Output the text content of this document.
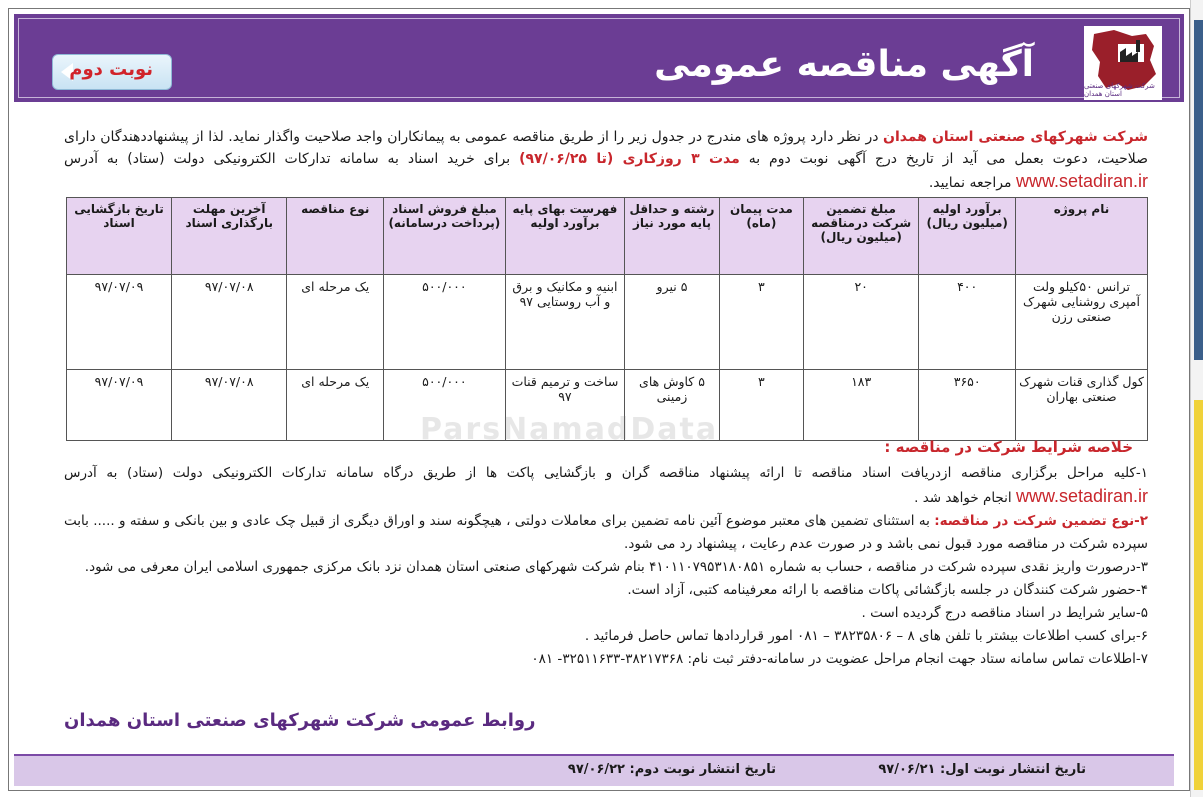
شرکت شهرکهای صنعتی استان همدان
آگهی مناقصه عمومی
نوبت دوم
شرکت شهرکهای صنعتی استان همدان در نظر دارد پروژه های مندرج در جدول زیر را از طریق مناقصه عمومی به پیمانکاران واجد صلاحیت واگذار نماید. لذا از پیشنهاددهندگان دارای صلاحیت، دعوت بعمل می آید از تاریخ درج آگهی نوبت دوم به مدت ۳ روزکاری (تا ۹۷/۰۶/۲۵) برای خرید اسناد به سامانه تدارکات الکترونیکی دولت (ستاد) به آدرس www.setadiran.ir مراجعه نمایید.
نام پروژه	برآورد اولیه (میلیون ریال)	مبلغ تضمین شرکت درمناقصه (میلیون ریال)	مدت پیمان (ماه)	رشته و حداقل پایه مورد نیاز	فهرست بهای پایه برآورد اولیه	مبلغ فروش اسناد (پرداخت درسامانه)	نوع مناقصه	آخرین مهلت بارگذاری اسناد	تاریخ بازگشایی اسناد
ترانس ۵۰کیلو ولت آمپری روشنایی شهرک صنعتی رزن	۴۰۰	۲۰	۳	۵ نیرو	ابنیه و مکانیک و برق و آب روستایی ۹۷	۵۰۰/۰۰۰	یک مرحله ای	۹۷/۰۷/۰۸	۹۷/۰۷/۰۹
کول گذاری قنات شهرک صنعتی بهاران	۳۶۵۰	۱۸۳	۳	۵ کاوش های زمینی	ساخت و ترمیم قنات ۹۷	۵۰۰/۰۰۰	یک مرحله ای	۹۷/۰۷/۰۸	۹۷/۰۷/۰۹
ParsNamadData	خلاصه شرایط شرکت در مناقصه :

۱-کلیه مراحل برگزاری مناقصه ازدریافت اسناد مناقصه تا ارائه پیشنهاد مناقصه گران و بازگشایی پاکت ها از طریق درگاه سامانه تدارکات الکترونیکی دولت (ستاد) به آدرس www.setadiran.ir انجام خواهد شد .

۲-نوع تضمین شرکت در مناقصه: به استثنای تضمین های معتبر موضوع آئین نامه تضمین برای معاملات دولتی ، هیچگونه سند و اوراق دیگری از قبیل چک عادی و بین بانکی و سفته و ..... بابت سپرده شرکت در مناقصه مورد قبول نمی باشد و در صورت عدم رعایت ، پیشنهاد رد می شود.

۳-درصورت واریز نقدی سپرده شرکت در مناقصه ، حساب به شماره ۴۱۰۱۱۰۷۹۵۳۱۸۰۸۵۱ بنام شرکت شهرکهای صنعتی استان همدان نزد بانک مرکزی جمهوری اسلامی ایران معرفی می شود.

۴-حضور شرکت کنندگان در جلسه بازگشائی پاکات مناقصه با ارائه معرفینامه کتبی، آزاد است.

۵-سایر شرایط در اسناد مناقصه درج گردیده است .

۶-برای کسب اطلاعات بیشتر با تلفن های ۸ – ۳۸۲۳۵۸۰۶ – ۰۸۱ امور قراردادها تماس حاصل فرمائید .

۷-اطلاعات تماس سامانه ستاد جهت انجام مراحل عضویت در سامانه-دفتر ثبت نام: ۳۸۲۱۷۳۶۸-۳۲۵۱۱۶۳۳- ۰۸۱

روابط عمومی شرکت شهرکهای صنعتی استان همدان
تاریخ انتشار نوبت اول: ۹۷/۰۶/۲۱
تاریخ انتشار نوبت دوم: ۹۷/۰۶/۲۲
